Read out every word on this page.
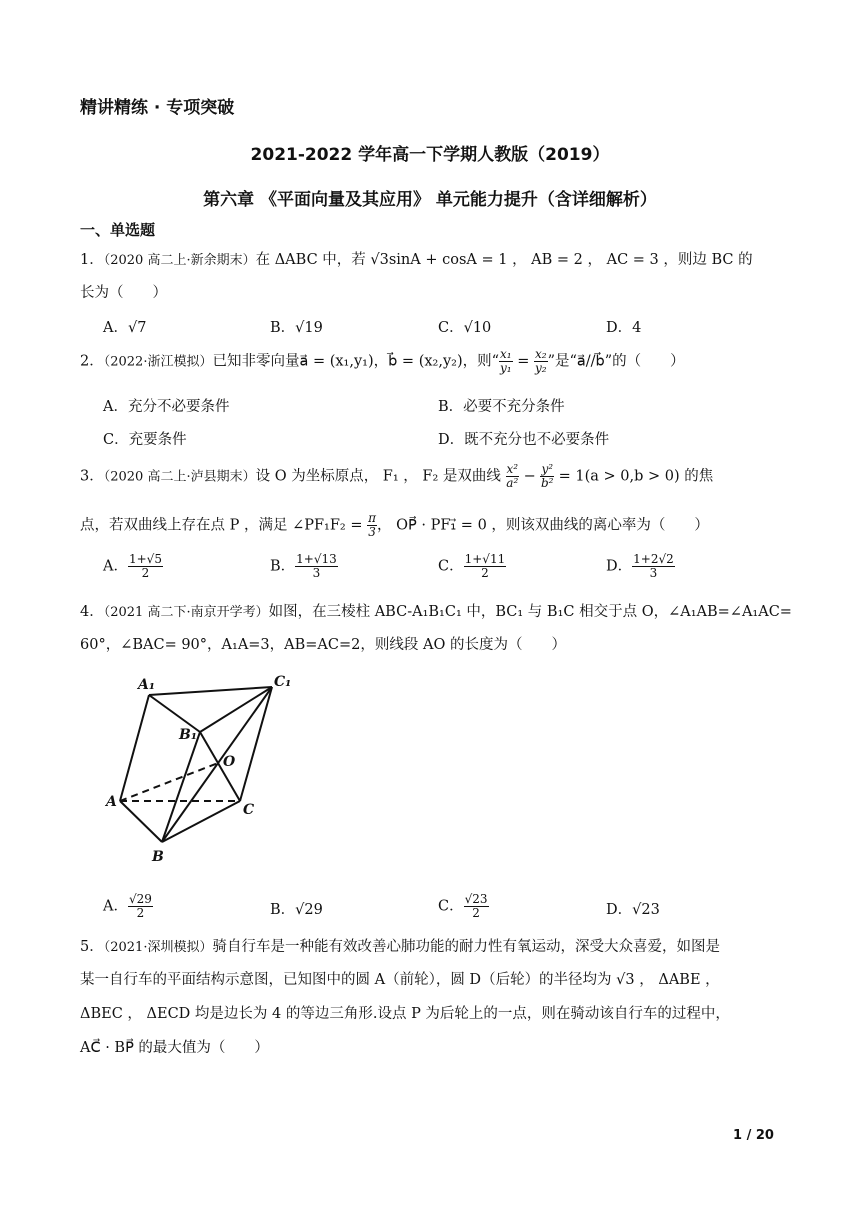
精讲精练 · 专项突破
2021-2022 学年高一下学期人教版（2019）
第六章 《平面向量及其应用》 单元能力提升（含详细解析）
一、单选题
1．（2020 高二上·新余期末）在 ΔABC 中，若 √3sinA + cosA = 1 ， AB = 2 ， AC = 3 ，则边 BC 的
长为（　　）
A．√7	B．√19	C．√10	D．4
2．（2022·浙江模拟）已知非零向量a⃗ = (x₁,y₁)，b⃗ = (x₂,y₂)，则“ $\frac{\text{x₁}}{\text{y₁}} = \frac{\text{x₂}}{\text{y₂}}$ ”是“a⃗//b⃗”的（　　）
A．充分不必要条件	B．必要不充分条件
C．充要条件	D．既不充分也不必要条件
3．（2020 高二上·泸县期末）设 O 为坐标原点， F₁ ， F₂ 是双曲线 $\frac{\text{x²}}{\text{a²}} - \frac{\text{y²}}{\text{b²}} = 1(a > 0,b > 0)$ 的焦
点，若双曲线上存在点 P ，满足 ∠PF₁F₂ = $\frac{\pi}{3}$ ， OP⃗ · PF₁⃗ = 0 ，则该双曲线的离心率为（　　）
A． $\frac{1+√5}{2}$	B． $\frac{1+√13}{3}$	C． $\frac{1+√11}{2}$	D． $\frac{1+2√2}{3}$
4．（2021 高二下·南京开学考）如图，在三棱柱 ABC-A₁B₁C₁ 中，BC₁ 与 B₁C 相交于点 O，∠A₁AB=∠A₁AC=
60°，∠BAC= 90°，A₁A=3，AB=AC=2，则线段 AO 的长度为（　　）
A₁	C₁
B₁
O
A	C
B
A． $\frac{√29}{2}$	B．√29	C． $\frac{√23}{2}$	D．√23
5．（2021·深圳模拟）骑自行车是一种能有效改善心肺功能的耐力性有氧运动，深受大众喜爱，如图是
某一自行车的平面结构示意图，已知图中的圆 A（前轮），圆 D（后轮）的半径均为 √3 ， ΔABE ，
ΔBEC ， ΔECD 均是边长为 4 的等边三角形.设点 P 为后轮上的一点，则在骑动该自行车的过程中，
AC⃗ · BP⃗ 的最大值为（　　）
1 / 20
